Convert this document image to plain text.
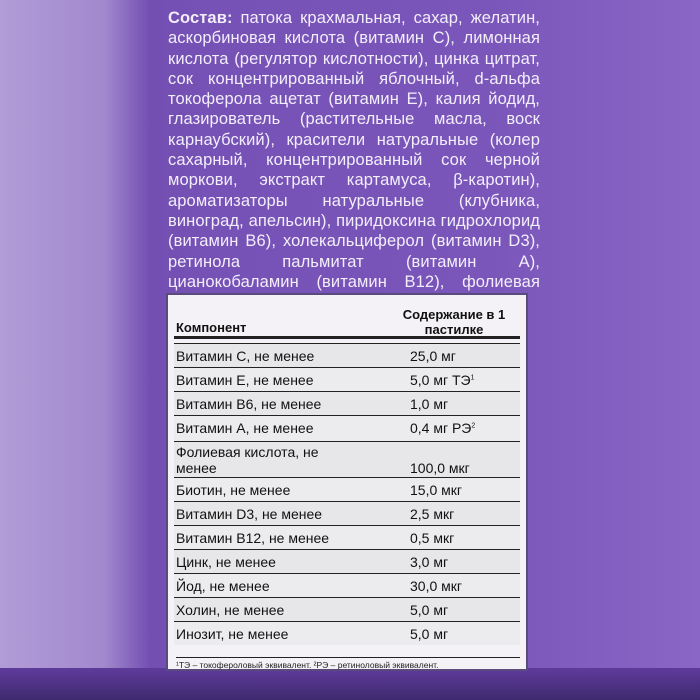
Состав: патока крахмальная, сахар, желатин, аскорбиновая кислота (витамин С), лимонная кислота (регулятор кислотности), цинка цитрат, сок концентрированный яблочный, d-альфа токоферола ацетат (витамин Е), калия йодид, глазирователь (растительные масла, воск карнаубский), красители натуральные (колер сахарный, концентрированный сок черной моркови, экстракт картамуса, β-каротин), ароматизаторы натуральные (клубника, виноград, апельсин), пиридоксина гидрохлорид (витамин В6), холекальциферол (витамин D3), ретинола пальмитат (витамин А), цианокобаламин (витамин В12), фолиевая
Компонент
Содержание в 1 пастилке
Витамин С, не менее	25,0 мг
Витамин Е, не менее	5,0 мг $ТЭ^1$
Витамин В6, не менее	1,0 мг
Витамин А, не менее	0,4 мг $РЭ^2$
Фолиевая кислота, не менее	100,0 мкг
Биотин, не менее	15,0 мкг
Витамин D3, не менее	2,5 мкг
Витамин В12, не менее	0,5 мкг
Цинк, не менее	3,0 мг
Йод, не менее	30,0 мкг
Холин, не менее	5,0 мг
Инозит, не менее	5,0 мг
¹ТЭ – токофероловый эквивалент. ²РЭ – ретиноловый эквивалент.
